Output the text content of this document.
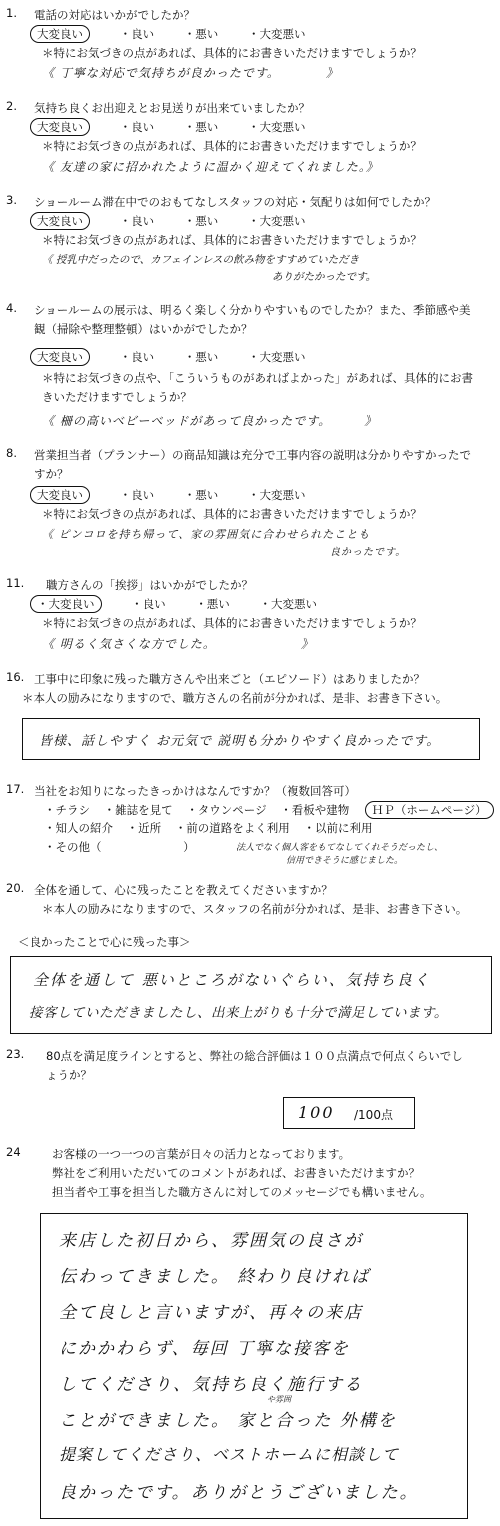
1. 電話の対応はいかがでしたか？
大変良い	・良い	・悪い	・大変悪い
＊特にお気づきの点があれば、具体的にお書きいただけますでしょうか？
《 丁寧な対応で気持ちが良かったです。　　　　》
2. 気持ち良くお出迎えとお見送りが出来ていましたか？
大変良い	・良い	・悪い	・大変悪い
＊特にお気づきの点があれば、具体的にお書きいただけますでしょうか？
《 友達の家に招かれたように温かく迎えてくれました。》
3. ショールーム滞在中でのおもてなしスタッフの対応・気配りは如何でしたか？
大変良い	・良い	・悪い	・大変悪い
＊特にお気づきの点があれば、具体的にお書きいただけますでしょうか？
《 授乳中だったので、カフェインレスの飲み物をすすめていただき
ありがたかったです。
4. ショールームの展示は、明るく楽しく分かりやすいものでしたか？また、季節感や美観（掃除や整理整頓）はいかがでしたか？
大変良い	・良い	・悪い	・大変悪い
＊特にお気づきの点や、「こういうものがあればよかった」があれば、具体的にお書きいただけますでしょうか？
《 柵の高いベビーベッドがあって良かったです。　　　》
8. 営業担当者（プランナー）の商品知識は充分で工事内容の説明は分かりやすかったですか？
大変良い	・良い	・悪い	・大変悪い
＊特にお気づきの点があれば、具体的にお書きいただけますでしょうか？
《 ピンコロを持ち帰って、家の雰囲気に合わせられたことも
良かったです。
11. 職方さんの「挨拶」はいかがでしたか？
・大変良い	・良い	・悪い	・大変悪い
＊特にお気づきの点があれば、具体的にお書きいただけますでしょうか？
《 明るく気さくな方でした。　　　　　　　》
16. 工事中に印象に残った職方さんや出来ごと（エピソード）はありましたか？
＊本人の励みになりますので、職方さんの名前が分かれば、是非、お書き下さい。
皆様、話しやすく お元気で 説明も分かりやすく良かったです。
17. 当社をお知りになったきっかけはなんですか？（複数回答可）
・チラシ ・雑誌を見て ・タウンページ ・看板や建物 ＨＰ（ホームページ）
・知人の紹介 ・近所 ・前の道路をよく利用 ・以前に利用
・その他（	）	法人でなく個人客をもてなしてくれそうだったし、
信用できそうに感じました。
20. 全体を通して、心に残ったことを教えてくださいますか？
＊本人の励みになりますので、スタッフの名前が分かれば、是非、お書き下さい。
＜良かったことで心に残った事＞
全体を通して 悪いところがないぐらい、気持ち良く
接客していただきましたし、出来上がりも十分で満足しています。
23. 80点を満足度ラインとすると、弊社の総合評価は１００点満点で何点くらいでしょうか？
100 /100点
24	お客様の一つ一つの言葉が日々の活力となっております。
弊社をご利用いただいてのコメントがあれば、お書きいただけますか？
担当者や工事を担当した職方さんに対してのメッセージでも構いません。
来店した初日から、雰囲気の良さが
伝わってきました。 終わり良ければ
全て良しと言いますが、再々の来店
にかかわらず、毎回 丁寧な接客を
してくださり、気持ち良く施行する
ことができました。 家と合った 外構を
や雰囲
提案してくださり、ベストホームに相談して
良かったです。ありがとうございました。
